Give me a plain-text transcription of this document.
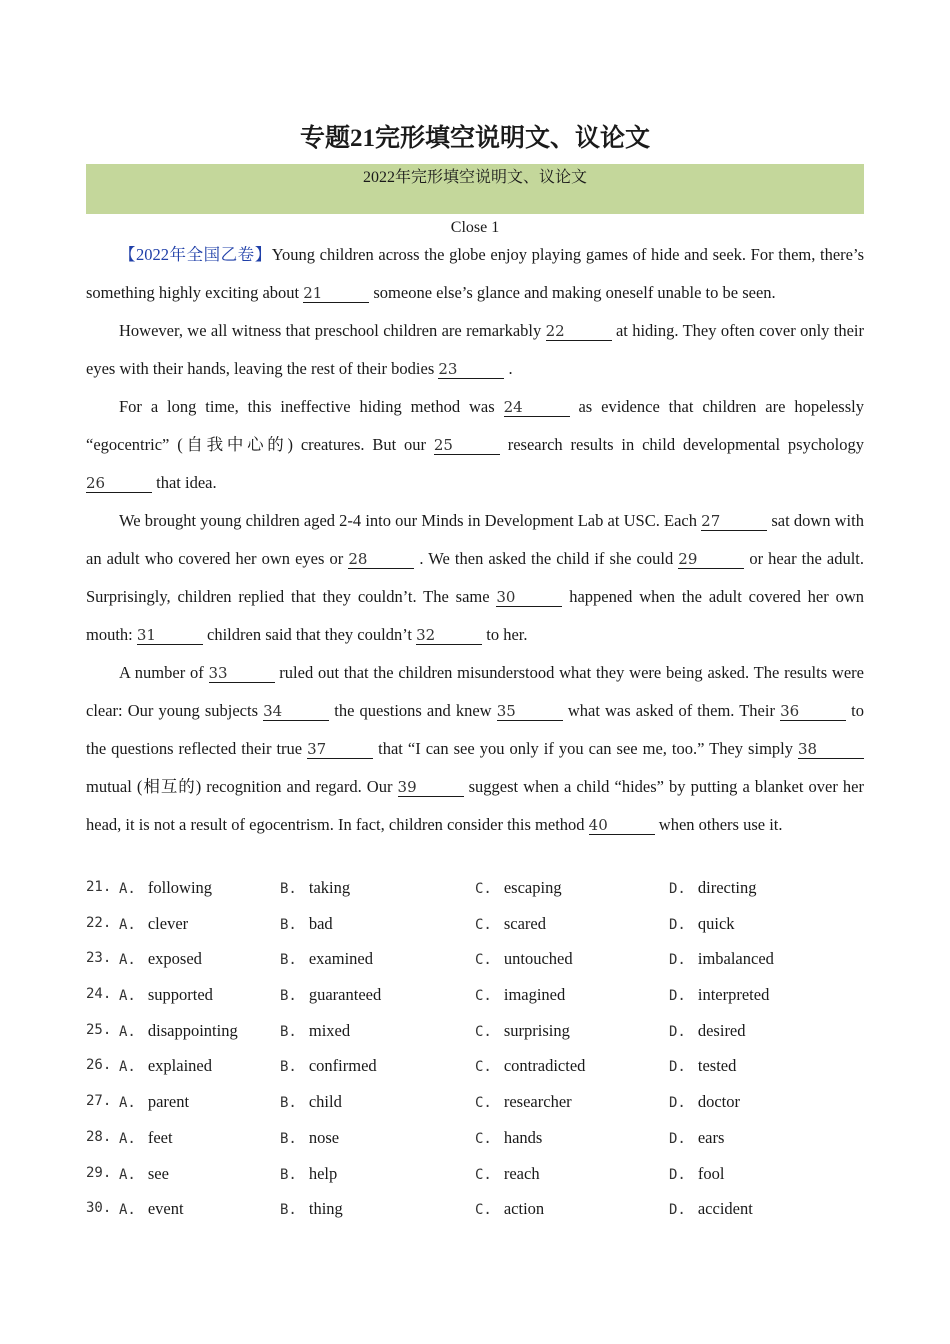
专题21完形填空说明文、议论文
2022年完形填空说明文、议论文
Close 1

【2022年全国乙卷】Young children across the globe enjoy playing games of hide and seek. For them, there’s something highly exciting about 21	someone else’s glance and making oneself unable to be seen.

However, we all witness that preschool children are remarkably 22	at hiding. They often cover only their eyes with their hands, leaving the rest of their bodies 23	.

For a long time, this ineffective hiding method was 24	as evidence that children are hopelessly “egocentric” (自我中心的) creatures. But our 25	research results in child developmental psychology 26	that idea.

We brought young children aged 2-4 into our Minds in Development Lab at USC. Each 27	sat down with an adult who covered her own eyes or 28	. We then asked the child if she could 29	or hear the adult. Surprisingly, children replied that they couldn’t. The same 30	happened when the adult covered her own mouth: 31	children said that they couldn’t 32	to her.

A number of 33	ruled out that the children misunderstood what they were being asked. The results were clear: Our young subjects 34	the questions and knew 35	what was asked of them. Their 36	to the questions reflected their true 37	that “I can see you only if you can see me, too.” They simply 38 mutual (相互的) recognition and regard. Our 39	suggest when a child “hides” by putting a blanket over her head, it is not a result of egocentrism. In fact, children consider this method 40	when others use it.

21. A. following	B. taking	C. escaping	D. directing
22. A. clever	B. bad	C. scared	D. quick
23. A. exposed	B. examined	C. untouched	D. imbalanced
24. A. supported	B. guaranteed	C. imagined	D. interpreted
25. A. disappointing	B. mixed	C. surprising	D. desired
26. A. explained	B. confirmed	C. contradicted	D. tested
27. A. parent	B. child	C. researcher	D. doctor
28. A. feet	B. nose	C. hands	D. ears
29. A. see	B. help	C. reach	D. fool
30. A. event	B. thing	C. action	D. accident
